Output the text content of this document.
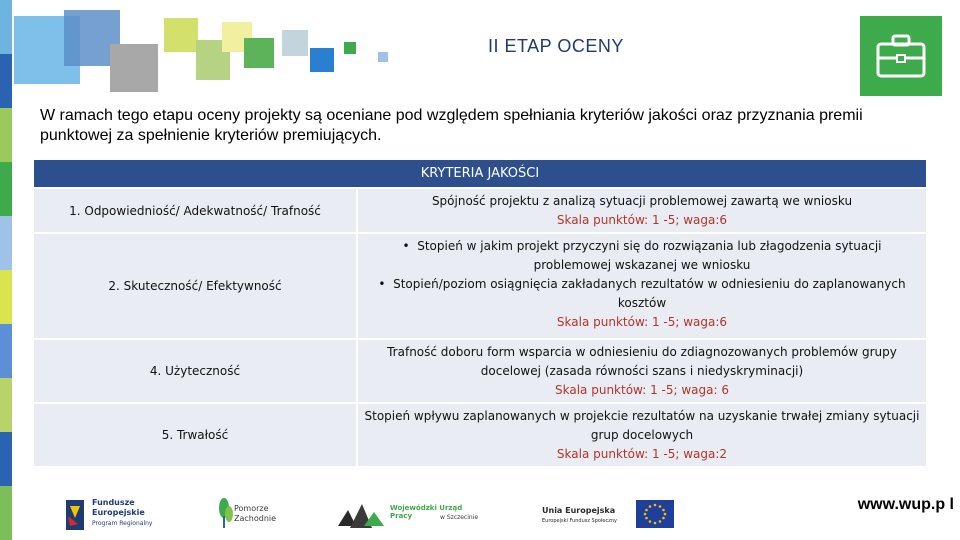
II ETAP OCENY
W ramach tego etapu oceny projekty są oceniane pod względem spełniania kryteriów jakości oraz przyznania premii punktowej za spełnienie kryteriów premiujących.
KRYTERIA JAKOŚCI
1. Odpowiedniość/ Adekwatność/ Trafność
Spójność projektu z analizą sytuacji problemowej zawartą we wniosku
Skala punktów: 1 -5; waga:6
2. Skuteczność/ Efektywność
•  Stopień w jakim projekt przyczyni się do rozwiązania lub złagodzenia sytuacji problemowej wskazanej we wniosku
•  Stopień/poziom osiągnięcia zakładanych rezultatów w odniesieniu do zaplanowanych kosztów
Skala punktów: 1 -5; waga:6
4. Użyteczność
Trafność doboru form wsparcia w odniesieniu do zdiagnozowanych problemów grupy docelowej (zasada równości szans i niedyskryminacji)
Skala punktów: 1 -5; waga: 6
5. Trwałość
Stopień wpływu zaplanowanych w projekcie rezultatów na uzyskanie trwałej zmiany sytuacji grup docelowych
Skala punktów: 1 -5; waga:2
Fundusze
Europejskie
Program Regionalny
Pomorze
Zachodnie
Wojewódzki Urząd Pracy	w Szczecinie
Unia Europejska
Europejski Fundusz Społeczny
www.wup.p l
